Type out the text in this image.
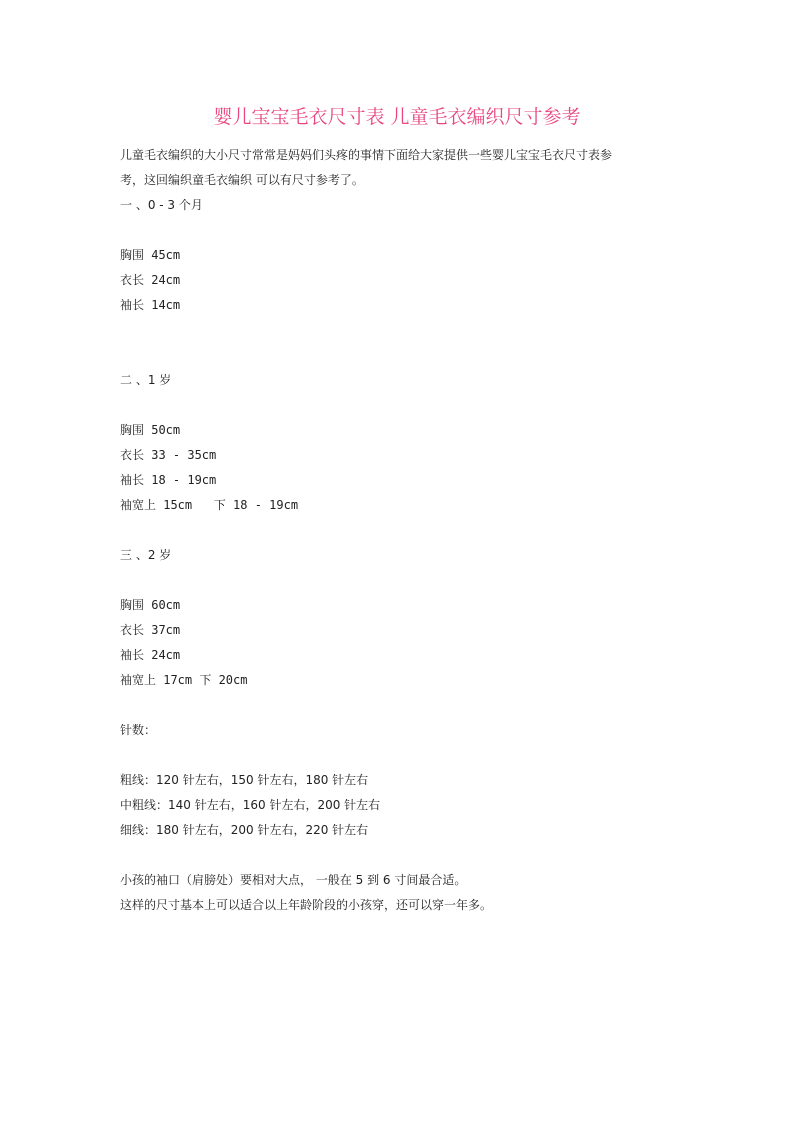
婴儿宝宝毛衣尺寸表 儿童毛衣编织尺寸参考
儿童毛衣编织的大小尺寸常常是妈妈们头疼的事情下面给大家提供一些婴儿宝宝毛衣尺寸表参
考，这回编织童毛衣编织 可以有尺寸参考了。
一 、0 - 3 个月
胸围 45cm
衣长 24cm
袖长 14cm
二 、1 岁
胸围 50cm
衣长 33 - 35cm
袖长 18 - 19cm
袖宽上 15cm   下 18 - 19cm
三 、2 岁
胸围 60cm
衣长 37cm
袖长 24cm
袖宽上 17cm 下 20cm
针数：
粗线：120 针左右，150 针左右，180 针左右
中粗线：140 针左右，160 针左右，200 针左右
细线：180 针左右，200 针左右，220 针左右
小孩的袖口（肩膀处）要相对大点， 一般在 5 到 6 寸间最合适。
这样的尺寸基本上可以适合以上年龄阶段的小孩穿，还可以穿一年多。
